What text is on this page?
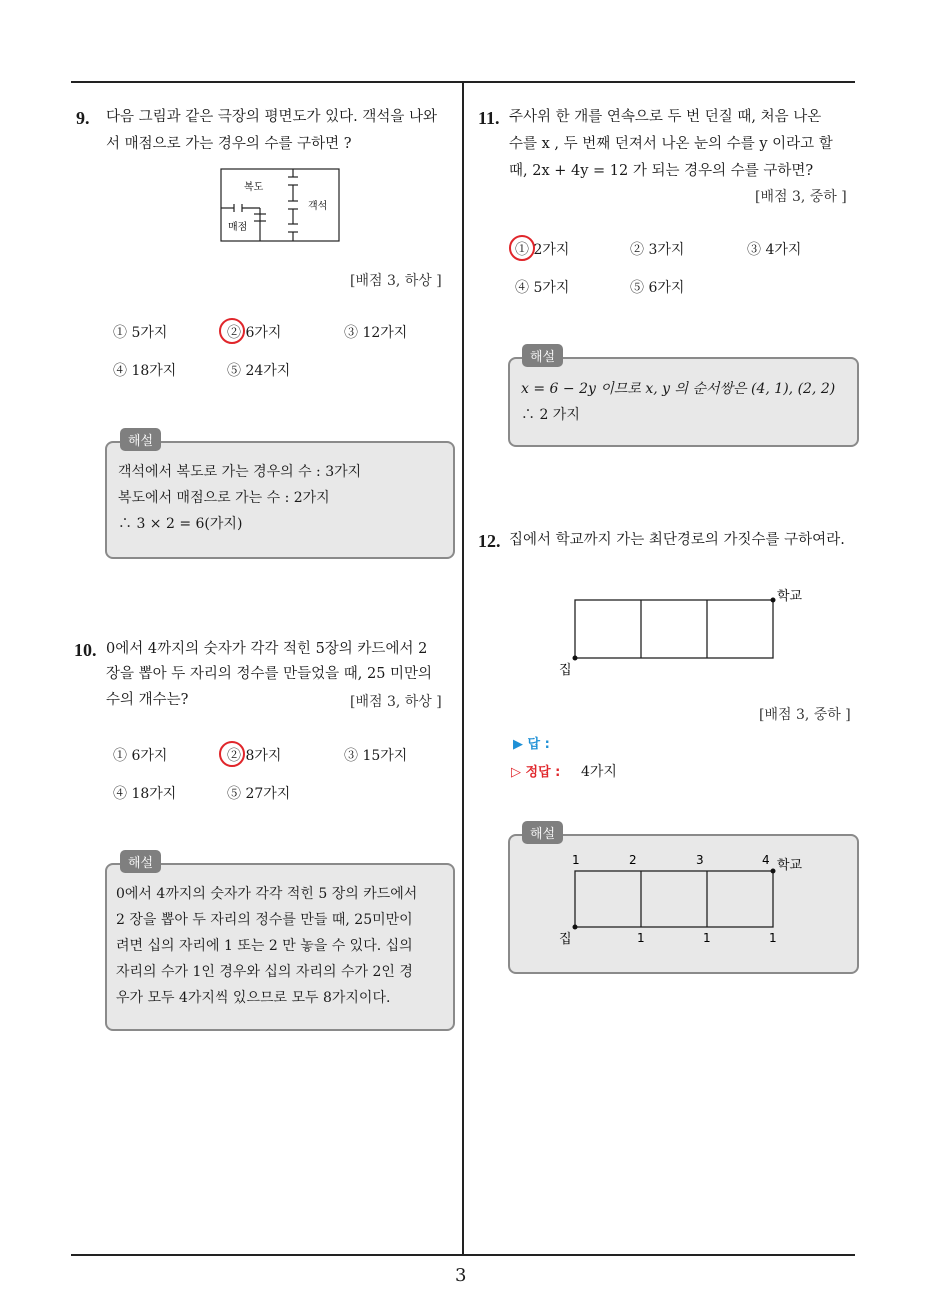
3
9. 다음 그림과 같은 극장의 평면도가 있다. 객석을 나와
서 매점으로 가는 경우의 수를 구하면 ?
복도
객석
매점
[배점 3, 하상 ]
① 5가지	② 6가지	③ 12가지
④ 18가지	⑤ 24가지
해설
객석에서 복도로 가는 경우의 수 : 3가지
복도에서 매점으로 가는 수 : 2가지
∴ 3 × 2 = 6(가지)
10. 0에서 4까지의 숫자가 각각 적힌 5장의 카드에서 2
장을 뽑아 두 자리의 정수를 만들었을 때, 25 미만의
수의 개수는?	[배점 3, 하상 ]
① 6가지	② 8가지	③ 15가지
④ 18가지	⑤ 27가지
해설
0에서 4까지의 숫자가 각각 적힌 5 장의 카드에서
2 장을 뽑아 두 자리의 정수를 만들 때, 25미만이
려면 십의 자리에 1 또는 2 만 놓을 수 있다. 십의
자리의 수가 1인 경우와 십의 자리의 수가 2인 경
우가 모두 4가지씩 있으므로 모두 8가지이다.
11. 주사위 한 개를 연속으로 두 번 던질 때, 처음 나온
수를 x , 두 번째 던져서 나온 눈의 수를 y 이라고 할
때, 2x + 4y = 12 가 되는 경우의 수를 구하면?
[배점 3, 중하 ]
① 2가지	② 3가지	③ 4가지
④ 5가지	⑤ 6가지
해설
x = 6 − 2y 이므로 x, y 의 순서쌍은 (4, 1), (2, 2)
∴ 2 가지
12. 집에서 학교까지 가는 최단경로의 가짓수를 구하여라.
학교
집
[배점 3, 중하 ]
▶ 답 :
▷ 정답 : 4가지
해설
1	2	3	4 학교
1	1	1
집
